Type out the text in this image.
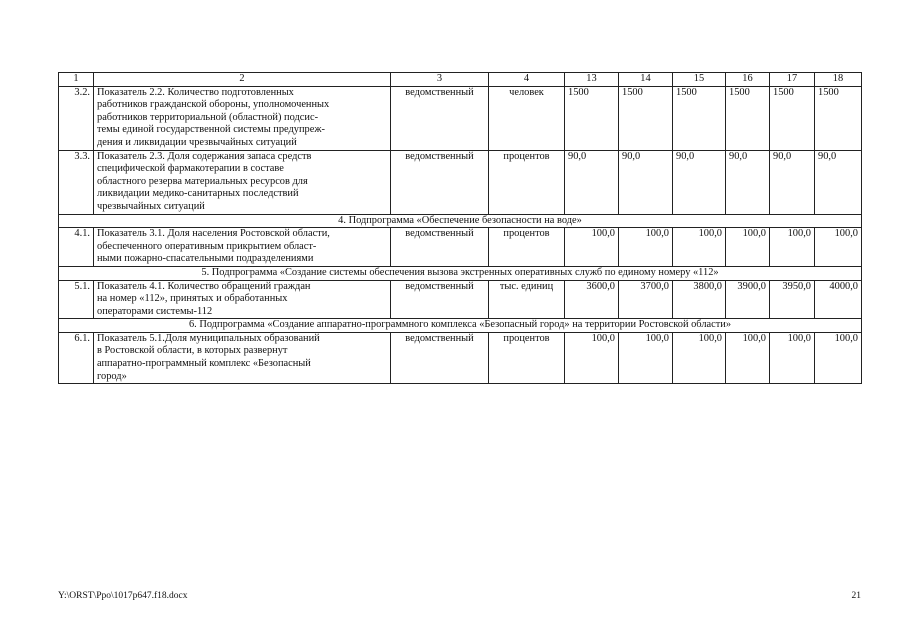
1	2	3	4	13	14	15	16	17	18
3.2.	Показатель 2.2. Количество подготовленных
работников гражданской обороны, уполномоченных
работников территориальной (областной) подсис-
темы единой государственной системы предупреж-
дения и ликвидации чрезвычайных ситуаций	ведомственный	человек	1500	1500	1500	1500	1500	1500
3.3.	Показатель 2.3. Доля содержания запаса средств
специфической фармакотерапии в составе
областного резерва материальных ресурсов для
ликвидации медико-санитарных последствий
чрезвычайных ситуаций	ведомственный	процентов	90,0	90,0	90,0	90,0	90,0	90,0
4. Подпрограмма «Обеспечение безопасности на воде»									
4.1.	Показатель 3.1. Доля населения Ростовской области,
обеспеченного оперативным прикрытием област-
ными пожарно-спасательными подразделениями	ведомственный	процентов	100,0	100,0	100,0	100,0	100,0	100,0
5. Подпрограмма «Создание системы обеспечения вызова экстренных оперативных служб по единому номеру «112»									
5.1.	Показатель 4.1. Количество обращений граждан
на номер «112», принятых и обработанных
операторами системы-112	ведомственный	тыс. единиц	3600,0	3700,0	3800,0	3900,0	3950,0	4000,0
6. Подпрограмма «Создание аппаратно-программного комплекса «Безопасный город» на территории Ростовской области»									
6.1.	Показатель 5.1.Доля муниципальных образований
в Ростовской области, в которых развернут
аппаратно-программный комплекс «Безопасный
город»	ведомственный	процентов	100,0	100,0	100,0	100,0	100,0	100,0
Y:\ORST\Ppo\1017p647.f18.docx	21
